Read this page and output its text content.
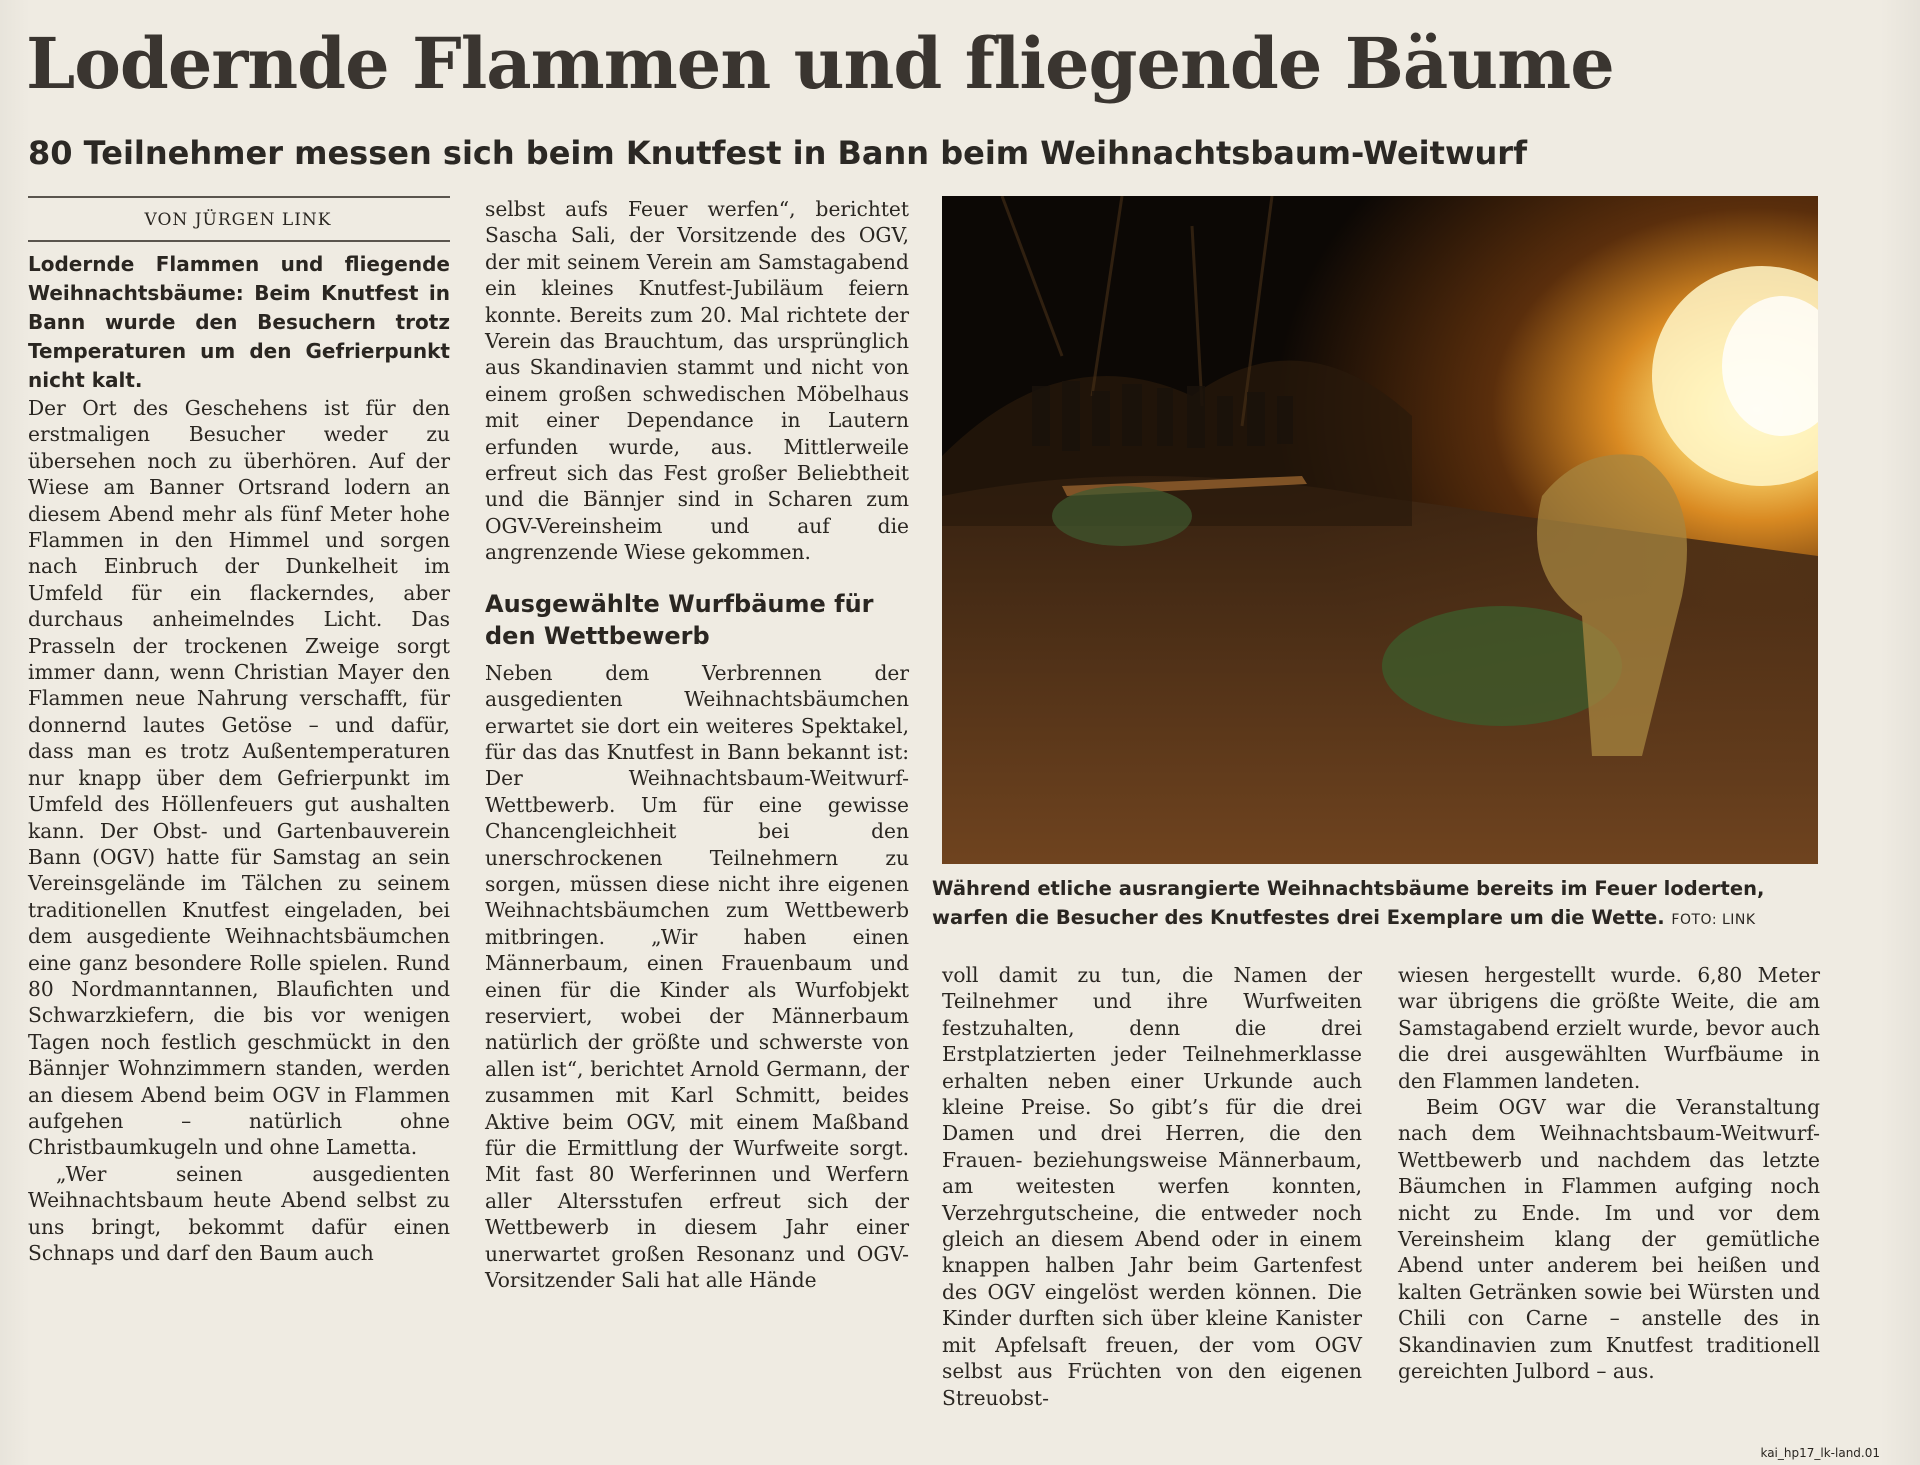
Lodernde Flammen und fliegende Bäume
80 Teilnehmer messen sich beim Knutfest in Bann beim Weihnachtsbaum-Weitwurf
VON JÜRGEN LINK

Lodernde Flammen und fliegende Weihnachtsbäume: Beim Knutfest in Bann wurde den Besuchern trotz Temperaturen um den Gefrierpunkt nicht kalt.

Der Ort des Geschehens ist für den erstmaligen Besucher weder zu übersehen noch zu überhören. Auf der Wiese am Banner Ortsrand lodern an diesem Abend mehr als fünf Meter hohe Flammen in den Himmel und sorgen nach Einbruch der Dunkelheit im Umfeld für ein flackerndes, aber durchaus anheimelndes Licht. Das Prasseln der trockenen Zweige sorgt immer dann, wenn Christian Mayer den Flammen neue Nahrung verschafft, für donnernd lautes Getöse – und dafür, dass man es trotz Außentemperaturen nur knapp über dem Gefrierpunkt im Umfeld des Höllenfeuers gut aushalten kann. Der Obst- und Gartenbauverein Bann (OGV) hatte für Samstag an sein Vereinsgelände im Tälchen zu seinem traditionellen Knutfest eingeladen, bei dem ausgediente Weihnachtsbäumchen eine ganz besondere Rolle spielen. Rund 80 Nordmanntannen, Blaufichten und Schwarzkiefern, die bis vor wenigen Tagen noch festlich geschmückt in den Bännjer Wohnzimmern standen, werden an diesem Abend beim OGV in Flammen aufgehen – natürlich ohne Christbaumkugeln und ohne Lametta.

„Wer seinen ausgedienten Weihnachtsbaum heute Abend selbst zu uns bringt, bekommt dafür einen Schnaps und darf den Baum auch

selbst aufs Feuer werfen“, berichtet Sascha Sali, der Vorsitzende des OGV, der mit seinem Verein am Samstagabend ein kleines Knutfest-Jubiläum feiern konnte. Bereits zum 20. Mal richtete der Verein das Brauchtum, das ursprünglich aus Skandinavien stammt und nicht von einem großen schwedischen Möbelhaus mit einer Dependance in Lautern erfunden wurde, aus. Mittlerweile erfreut sich das Fest großer Beliebtheit und die Bännjer sind in Scharen zum OGV-Vereinsheim und auf die angrenzende Wiese gekommen.

Ausgewählte Wurfbäume für den Wettbewerb

Neben dem Verbrennen der ausgedienten Weihnachtsbäumchen erwartet sie dort ein weiteres Spektakel, für das das Knutfest in Bann bekannt ist: Der Weihnachtsbaum-Weitwurf-Wettbewerb. Um für eine gewisse Chancengleichheit bei den unerschrockenen Teilnehmern zu sorgen, müssen diese nicht ihre eigenen Weihnachtsbäumchen zum Wettbewerb mitbringen. „Wir haben einen Männerbaum, einen Frauenbaum und einen für die Kinder als Wurfobjekt reserviert, wobei der Männerbaum natürlich der größte und schwerste von allen ist“, berichtet Arnold Germann, der zusammen mit Karl Schmitt, beides Aktive beim OGV, mit einem Maßband für die Ermittlung der Wurfweite sorgt. Mit fast 80 Werferinnen und Werfern aller Altersstufen erfreut sich der Wettbewerb in diesem Jahr einer unerwartet großen Resonanz und OGV-Vorsitzender Sali hat alle Hände

Während etliche ausrangierte Weihnachtsbäume bereits im Feuer loderten, warfen die Besucher des Knutfestes drei Exemplare um die Wette. FOTO: LINK

voll damit zu tun, die Namen der Teilnehmer und ihre Wurfweiten festzuhalten, denn die drei Erstplatzierten jeder Teilnehmerklasse erhalten neben einer Urkunde auch kleine Preise. So gibt’s für die drei Damen und drei Herren, die den Frauen- beziehungsweise Männerbaum, am weitesten werfen konnten, Verzehrgutscheine, die entweder noch gleich an diesem Abend oder in einem knappen halben Jahr beim Gartenfest des OGV eingelöst werden können. Die Kinder durften sich über kleine Kanister mit Apfelsaft freuen, der vom OGV selbst aus Früchten von den eigenen Streuobst-

wiesen hergestellt wurde. 6,80 Meter war übrigens die größte Weite, die am Samstagabend erzielt wurde, bevor auch die drei ausgewählten Wurfbäume in den Flammen landeten.

Beim OGV war die Veranstaltung nach dem Weihnachtsbaum-Weitwurf-Wettbewerb und nachdem das letzte Bäumchen in Flammen aufging noch nicht zu Ende. Im und vor dem Vereinsheim klang der gemütliche Abend unter anderem bei heißen und kalten Getränken sowie bei Würsten und Chili con Carne – anstelle des in Skandinavien zum Knutfest traditionell gereichten Julbord – aus.

kai_hp17_lk-land.01
